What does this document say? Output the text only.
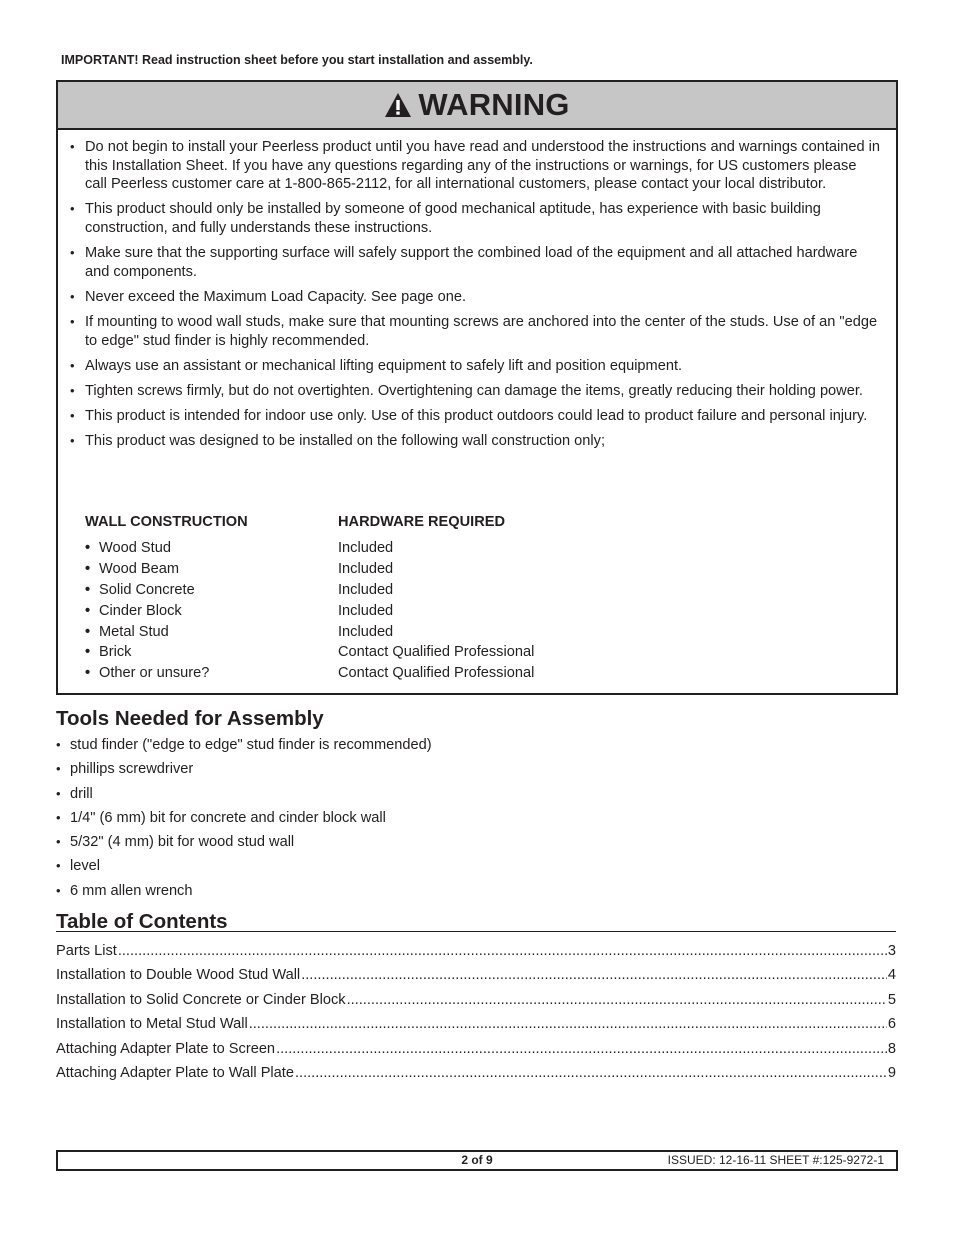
IMPORTANT! Read instruction sheet before you start installation and assembly.
WARNING
• Do not begin to install your Peerless product until you have read and understood the instructions and warnings contained in this Installation Sheet. If you have any questions regarding any of the instructions or warnings, for US customers please call Peerless customer care at 1-800-865-2112, for all international customers, please contact your local distributor.
• This product should only be installed by someone of good mechanical aptitude, has experience with basic building construction, and fully understands these instructions.
• Make sure that the supporting surface will safely support the combined load of the equipment and all attached hardware and components.
• Never exceed the Maximum Load Capacity. See page one.
• If mounting to wood wall studs, make sure that mounting screws are anchored into the center of the studs. Use of an "edge to edge" stud finder is highly recommended.
• Always use an assistant or mechanical lifting equipment to safely lift and position equipment.
• Tighten screws firmly, but do not overtighten. Overtightening can damage the items, greatly reducing their holding power.
• This product is intended for indoor use only. Use of this product outdoors could lead to product failure and personal injury.
• This product was designed to be installed on the following wall construction only;
WALL CONSTRUCTION	HARDWARE REQUIRED
• Wood Stud	Included
• Wood Beam	Included
• Solid Concrete	Included
• Cinder Block	Included
• Metal Stud	Included
• Brick	Contact Qualified Professional
• Other or unsure?	Contact Qualified Professional
Tools Needed for Assembly
• stud finder ("edge to edge" stud finder is recommended)
• phillips screwdriver
• drill
• 1/4" (6 mm) bit for concrete and cinder block wall
• 5/32" (4 mm) bit for wood stud wall
• level
• 6 mm allen wrench
Table of Contents
Parts List .....	3
Installation to Double Wood Stud Wall .....	4
Installation to Solid Concrete or Cinder Block .....	5
Installation to Metal Stud Wall .....	6
Attaching Adapter Plate to Screen .....	8
Attaching Adapter Plate to Wall Plate .....	9
2 of 9	ISSUED: 12-16-11 SHEET #:125-9272-1
